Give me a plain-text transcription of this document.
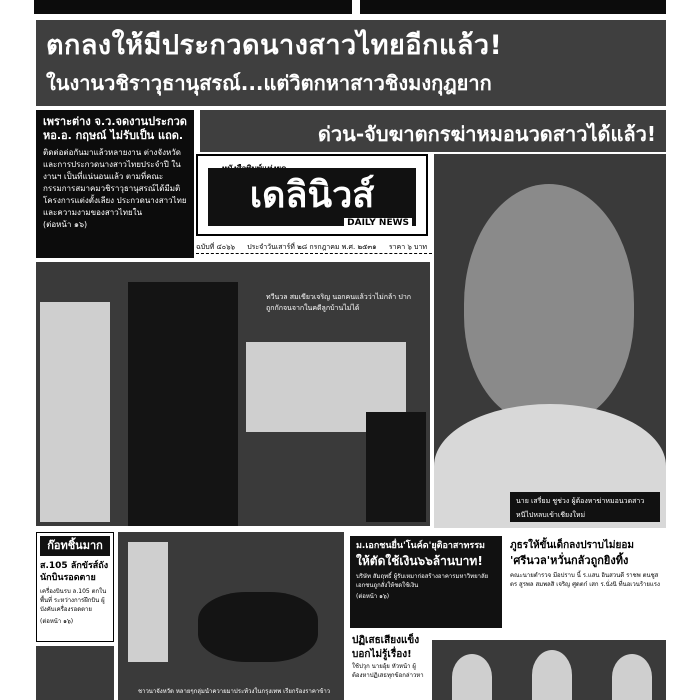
ตกลงให้มีประกวดนางสาวไทยอีกแล้ว!
ในงานวชิราวุธานุสรณ์...แต่วิตกหาสาวชิงมงกุฎยาก
เพราะต่าง จ.ว.จดงานประกวด หอ.อ. กฤษณ์ ไม่รับเป็น แถด.
ติดต่อต่อกันมาแล้วหลายงาน ต่างจังหวัดและการประกวดนางสาวไทยประจำปี ในงานฯ เป็นที่แน่นอนแล้ว ตามที่คณะกรรมการสมาคมวชิราวุธานุสรณ์ได้มีมติ โครงการแต่งตั้งเลียง ประกวดนางสาวไทยและความงามของสาวไทยใน
(ต่อหน้า ๑๖)
ด่วน-จับฆาตกรฆ่าหมอนวดสาวได้แล้ว!
เดลินิวส์
DAILY NEWS
ฉบับที่ ๔๐๖๖ ประจำวันเสาร์ที่ ๒๘ กรกฎาคม พ.ศ. ๒๕๓๑ ราคา ๖ บาท
นาย เสรี่ยม ชูช่วง ผู้ต้องหาฆ่าหมอนวดสาว หนีไปหลบเข้าเชียงใหม่
ทวีนวล สมเขียวเจริญ นอกคนแล้วว่าไม่กล้า ปากถูกกักจนจากในคดีลูกบ้านไม่ได้
ก๊อทชิ้นมาก
ส.105 ลักขัรส์ถัง นักบินรอดตาย
เครื่องบินรบ ล.105 ตกในพื้นที่ ระหว่างการฝึกบิน ผู้บังคับเครื่องรอดตาย
(ต่อหน้า ๑๖)
ชาวนาจังหวัด หลายๆกลุ่มนำควายมาประท้วงในกรุงเทพ เรียกร้องราคาข้าว
ม.เอกชนยื่น'โนค์ด'ยุติอาสาทรรม
ให้ตัดใช้เงิน๖๖ล้านบาท!
บริษัท สัมฤทธิ์ ผู้รับเหมาก่อสร้างอาคารมหาวิทยาลัยเอกชนถูกสั่งให้ชดใช้เงิน
(ต่อหน้า ๑๖)
ภูธรให้ขั้นเด็กลงปราบไม่ยอม
'ศรีนวล'หวั่นกลัวถูกยิงทิ้ง
คณะนายตำรวจ มีอปราบ นี้ ร.แสน อินสวนดี ราชพ ตนชูสตร สูรพล สมพลสิ เจริญ ศูดตก๋ เสก ร.นั่งนิ ที่นอเวนร้ายแรง
ปฏิเสธเสียงแข็ง บอกไม่รู้เรื่อง!
ใช้ปวุก นายอุ้ย หัวหน้า ผู้ต้องหาปฏิเสธทุกข้อกล่าวหา
